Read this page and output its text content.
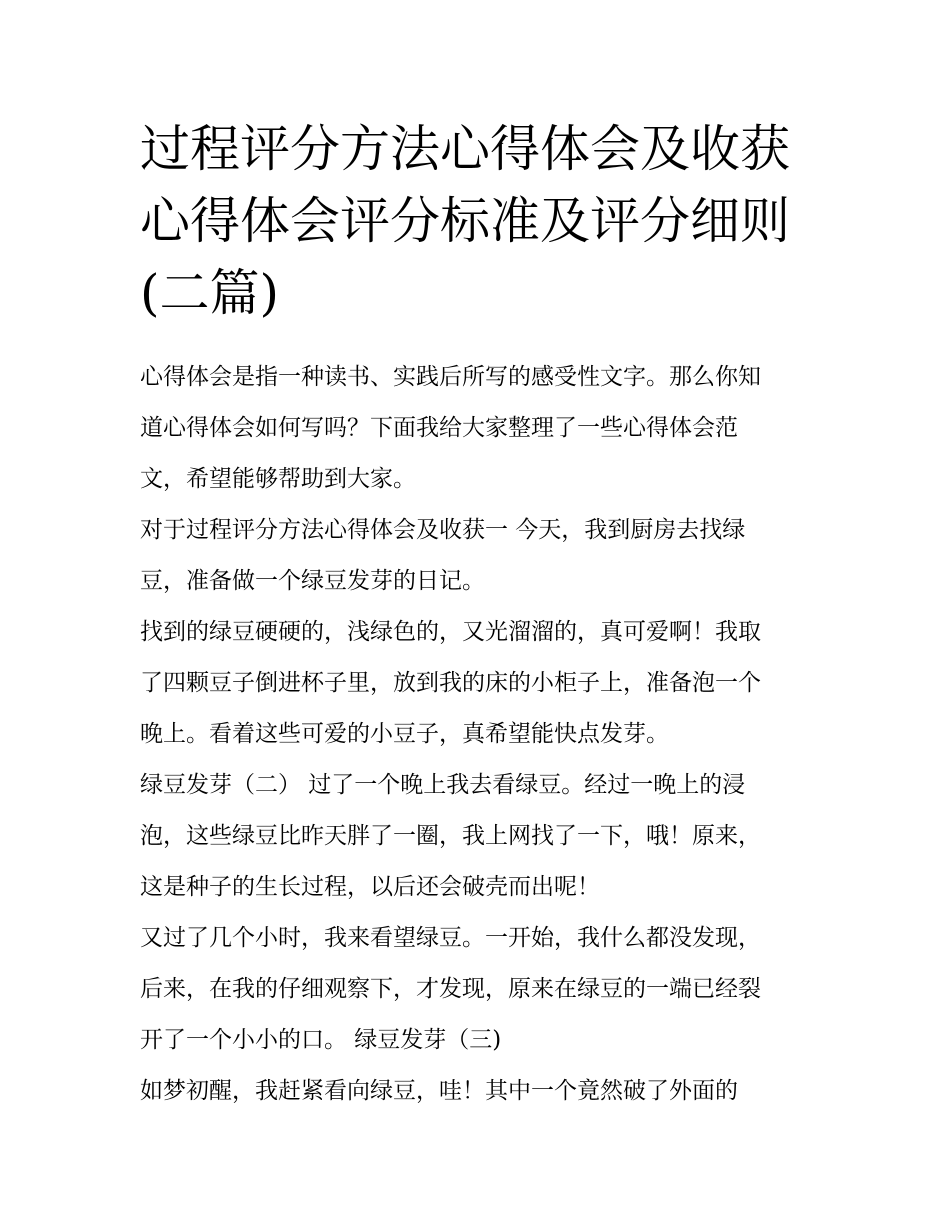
过程评分方法心得体会及收获
心得体会评分标准及评分细则
(二篇)
心得体会是指一种读书、实践后所写的感受性文字。那么你知
道心得体会如何写吗？下面我给大家整理了一些心得体会范
文，希望能够帮助到大家。
对于过程评分方法心得体会及收获一 今天，我到厨房去找绿
豆，准备做一个绿豆发芽的日记。
找到的绿豆硬硬的，浅绿色的，又光溜溜的，真可爱啊！我取
了四颗豆子倒进杯子里，放到我的床的小柜子上，准备泡一个
晚上。看着这些可爱的小豆子，真希望能快点发芽。
绿豆发芽（二） 过了一个晚上我去看绿豆。经过一晚上的浸
泡，这些绿豆比昨天胖了一圈，我上网找了一下，哦！原来，
这是种子的生长过程，以后还会破壳而出呢！
又过了几个小时，我来看望绿豆。一开始，我什么都没发现，
后来，在我的仔细观察下，才发现，原来在绿豆的一端已经裂
开了一个小小的口。 绿豆发芽（三)
如梦初醒，我赶紧看向绿豆，哇！其中一个竟然破了外面的
